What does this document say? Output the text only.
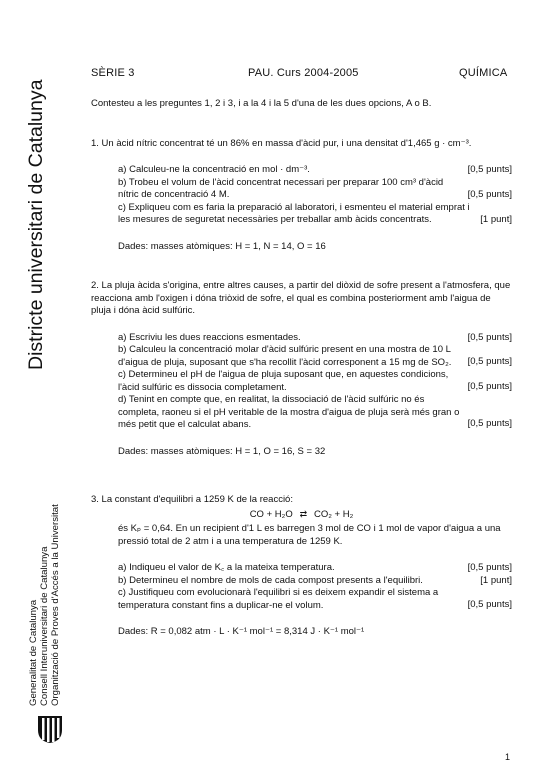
SÈRIE 3	PAU. Curs 2004-2005	QUÍMICA
Districte universitari de Catalunya
Generalitat de Catalunya Consell Interuniversitari de Catalunya Organització de Proves d'Accés a la Universitat

Contesteu a les preguntes 1, 2 i 3, i a la 4 i la 5 d'una de les dues opcions, A o B.

1. Un àcid nítric concentrat té un 86% en massa d'àcid pur, i una densitat d'1,465 g · cm⁻³.

[0,5 punts]
a) Calculeu-ne la concentració en mol · dm⁻³.
[0,5 punts]
b) Trobeu el volum de l'àcid concentrat necessari per preparar 100 cm³ d'àcid nítric de concentració 4 M.
[1 punt]
c) Expliqueu com es faria la preparació al laboratori, i esmenteu el material emprat i les mesures de seguretat necessàries per treballar amb àcids concentrats.

Dades: masses atòmiques: H = 1, N = 14, O = 16

2. La pluja àcida s'origina, entre altres causes, a partir del diòxid de sofre present a l'atmosfera, que reacciona amb l'oxigen i dóna triòxid de sofre, el qual es combina posteriorment amb l'aigua de pluja i dóna àcid sulfúric.

[0,5 punts]
a) Escriviu les dues reaccions esmentades.
[0,5 punts]
b) Calculeu la concentració molar d'àcid sulfúric present en una mostra de 10 L d'aigua de pluja, suposant que s'ha recollit l'àcid corresponent a 15 mg de SO₂.
[0,5 punts]
c) Determineu el pH de l'aigua de pluja suposant que, en aquestes condicions, l'àcid sulfúric es dissocia completament.
[0,5 punts]
d) Tenint en compte que, en realitat, la dissociació de l'àcid sulfúric no és completa, raoneu si el pH veritable de la mostra d'aigua de pluja serà més gran o més petit que el calculat abans.

Dades: masses atòmiques: H = 1, O = 16, S = 32

3. La constant d'equilibri a 1259 K de la reacció:

CO + H₂O ⇄ CO₂ + H₂

és Kₚ = 0,64. En un recipient d'1 L es barregen 3 mol de CO i 1 mol de vapor d'aigua a una pressió total de 2 atm i a una temperatura de 1259 K.

[0,5 punts]
a) Indiqueu el valor de K꜀ a la mateixa temperatura.
[1 punt]
b) Determineu el nombre de mols de cada compost presents a l'equilibri.
[0,5 punts]
c) Justifiqueu com evolucionarà l'equilibri si es deixem expandir el sistema a temperatura constant fins a duplicar-ne el volum.

Dades: R = 0,082 atm · L · K⁻¹ mol⁻¹ = 8,314 J · K⁻¹ mol⁻¹

1
